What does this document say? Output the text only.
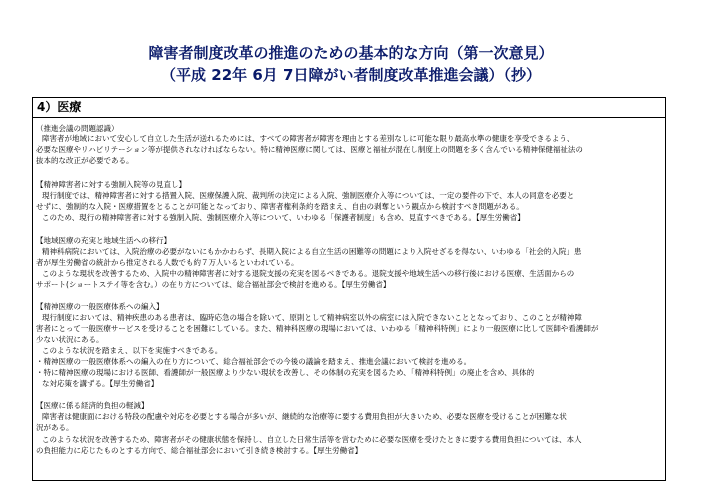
障害者制度改革の推進のための基本的な方向（第一次意見）
（平成 22年 6月 7日障がい者制度改革推進会議）（抄）
4）医療
（推進会議の問題認識）
障害者が地域において安心して自立した生活が送れるためには、すべての障害者が障害を理由とする差別なしに可能な限り最高水準の健康を享受できるよう、
必要な医療やリハビリテーション等が提供されなければならない。特に精神医療に関しては、医療と福祉が混在し制度上の問題を多く含んでいる精神保健福祉法の
抜本的な改正が必要である。
【精神障害者に対する強制入院等の見直し】
現行制度では、精神障害者に対する措置入院、医療保護入院、裁判所の決定による入院、強制医療介入等については、一定の要件の下で、本人の同意を必要と
せずに、強制的な入院・医療措置をとることが可能となっており、障害者権利条約を踏まえ、自由の剥奪という観点から検討すべき問題がある。
このため、現行の精神障害者に対する強制入院、強制医療介入等について、いわゆる「保護者制度」も含め、見直すべきである。【厚生労働省】
【地域医療の充実と地域生活への移行】
精神科病院においては、入院治療の必要がないにもかかわらず、長期入院による自立生活の困難等の問題により入院せざるを得ない、いわゆる「社会的入院」患
者が厚生労働省の統計から推定される人数でも約７万人いるといわれている。
このような現状を改善するため、入院中の精神障害者に対する退院支援の充実を図るべきである。退院支援や地域生活への移行後における医療、生活面からの
サポート(ショートステイ等を含む。）の在り方については、総合福祉部会で検討を進める。【厚生労働省】
【精神医療の一般医療体系への編入】
現行制度においては、精神疾患のある患者は、臨時応急の場合を除いて、原則として精神病室以外の病室には入院できないこととなっており、このことが精神障
害者にとって一般医療サービスを受けることを困難にしている。また、精神科医療の現場においては、いわゆる「精神科特例」により一般医療に比して医師や看護師が
少ない状況にある。
このような状況を踏まえ、以下を実施すべきである。
・精神医療の一般医療体系への編入の在り方について、総合福祉部会での今後の議論を踏まえ、推進会議において検討を進める。
・特に精神医療の現場における医師、看護師が一般医療より少ない現状を改善し、その体制の充実を図るため、「精神科特例」の廃止を含め、具体的
な対応策を講ずる。【厚生労働省】
【医療に係る経済的負担の軽減】
障害者は健康面における特段の配慮や対応を必要とする場合が多いが、継続的な治療等に要する費用負担が大きいため、必要な医療を受けることが困難な状
況がある。
このような状況を改善するため、障害者がその健康状態を保持し、自立した日常生活等を営むために必要な医療を受けたときに要する費用負担については、本人
の負担能力に応じたものとする方向で、総合福祉部会において引き続き検討する。【厚生労働省】
